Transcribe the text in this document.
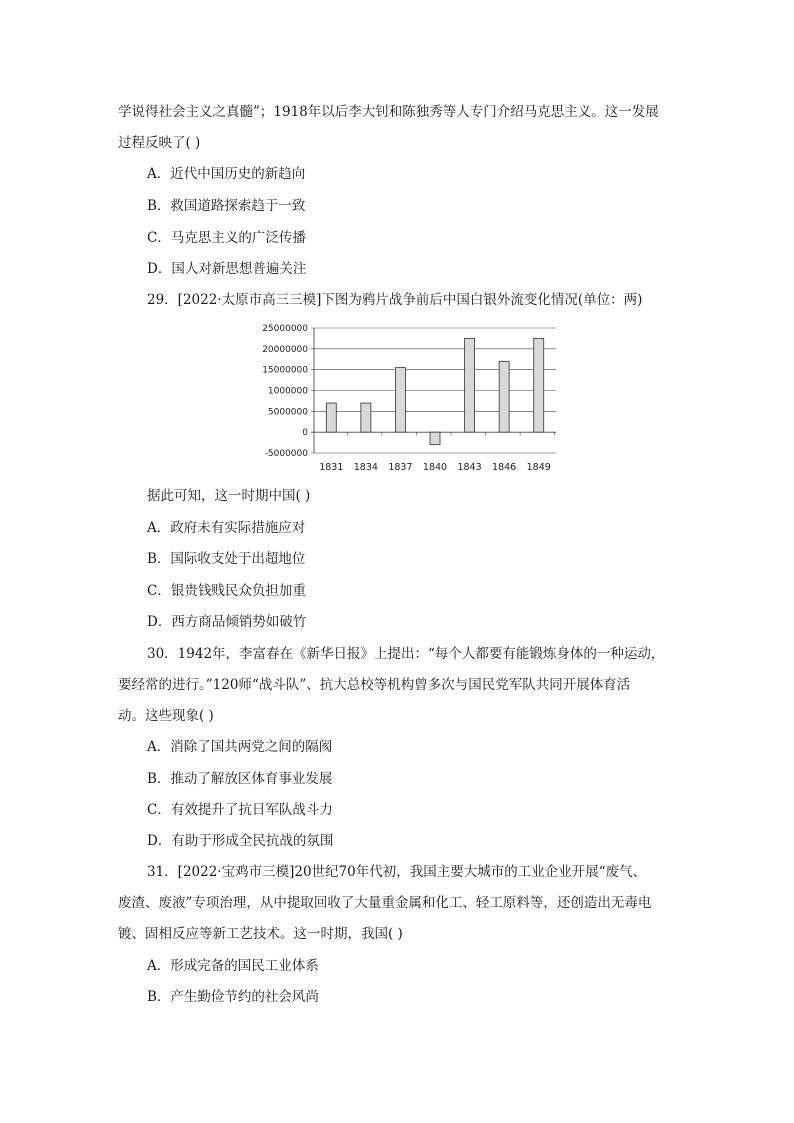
学说得社会主义之真髓”；1918年以后李大钊和陈独秀等人专门介绍马克思主义。这一发展
过程反映了( )
A．近代中国历史的新趋向
B．救国道路探索趋于一致
C．马克思主义的广泛传播
D．国人对新思想普遍关注
29．[2022·太原市高三三模]下图为鸦片战争前后中国白银外流变化情况(单位：两)
25000000
20000000
15000000
1000000
5000000
0
-5000000
1831 1834 1837 1840 1843 1846 1849
据此可知，这一时期中国( )
A．政府未有实际措施应对
B．国际收支处于出超地位
C．银贵钱贱民众负担加重
D．西方商品倾销势如破竹
30．1942年，李富春在《新华日报》上提出：“每个人都要有能锻炼身体的一种运动，
要经常的进行。”120师“战斗队”、抗大总校等机构曾多次与国民党军队共同开展体育活
动。这些现象( )
A．消除了国共两党之间的隔阂
B．推动了解放区体育事业发展
C．有效提升了抗日军队战斗力
D．有助于形成全民抗战的氛围
31．[2022·宝鸡市三模]20世纪70年代初，我国主要大城市的工业企业开展“废气、
废渣、废液”专项治理，从中提取回收了大量重金属和化工、轻工原料等，还创造出无毒电
镀、固相反应等新工艺技术。这一时期，我国( )
A．形成完备的国民工业体系
B．产生勤俭节约的社会风尚
